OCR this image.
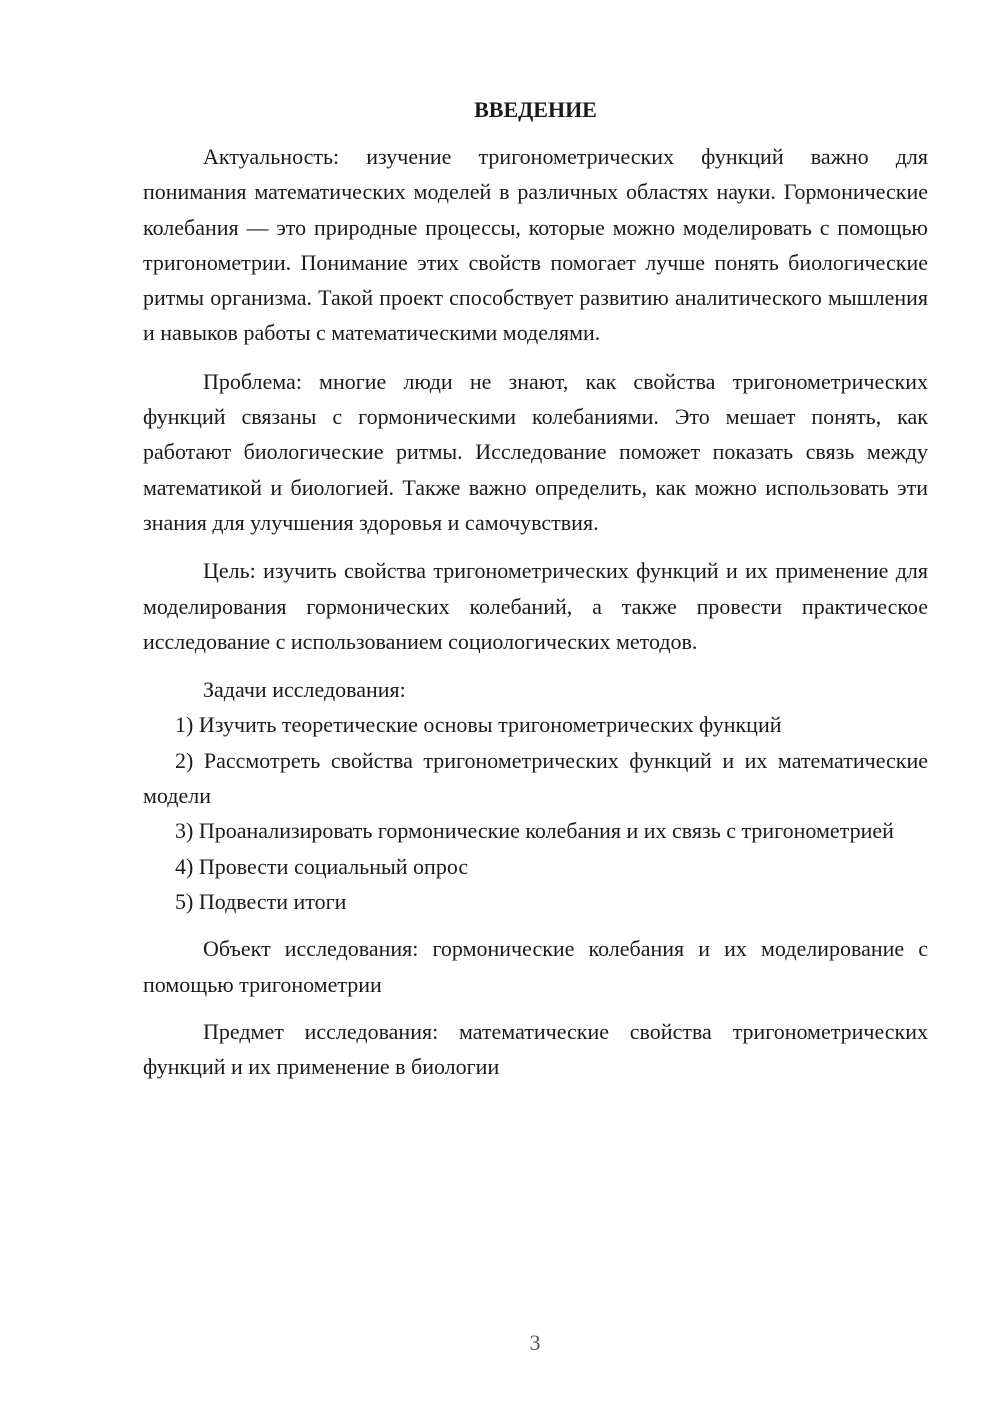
ВВЕДЕНИЕ

Актуальность: изучение тригонометрических функций важно для понимания математических моделей в различных областях науки. Гормонические колебания — это природные процессы, которые можно моделировать с помощью тригонометрии. Понимание этих свойств помогает лучше понять биологические ритмы организма. Такой проект способствует развитию аналитического мышления и навыков работы с математическими моделями.

Проблема: многие люди не знают, как свойства тригонометрических функций связаны с гормоническими колебаниями. Это мешает понять, как работают биологические ритмы. Исследование поможет показать связь между математикой и биологией. Также важно определить, как можно использовать эти знания для улучшения здоровья и самочувствия.

Цель: изучить свойства тригонометрических функций и их применение для моделирования гормонических колебаний, а также провести практическое исследование с использованием социологических методов.

Задачи исследования:

1) Изучить теоретические основы тригонометрических функций

2) Рассмотреть свойства тригонометрических функций и их математические модели

3) Проанализировать гормонические колебания и их связь с тригонометрией

4) Провести социальный опрос

5) Подвести итоги

Объект исследования: гормонические колебания и их моделирование с помощью тригонометрии

Предмет исследования: математические свойства тригонометрических функций и их применение в биологии

3
